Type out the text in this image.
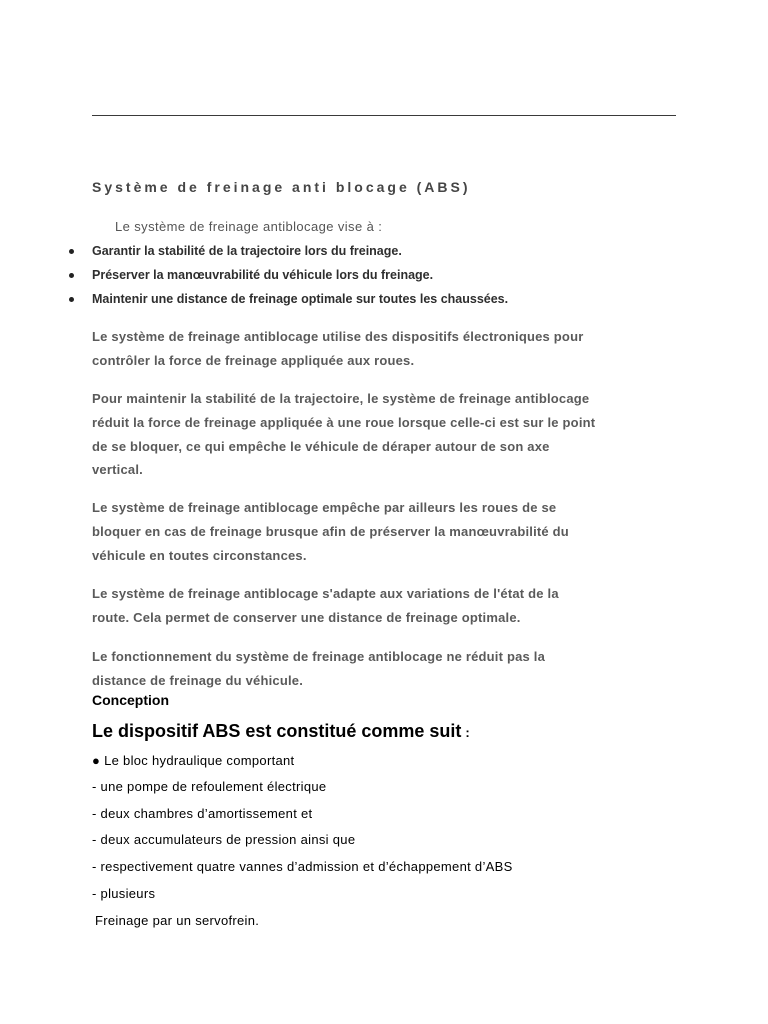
Système de freinage anti blocage (ABS)
Le système de freinage antiblocage vise à :
Garantir la stabilité de la trajectoire lors du freinage.
Préserver la manœuvrabilité du véhicule lors du freinage.
Maintenir une distance de freinage optimale sur toutes les chaussées.
Le système de freinage antiblocage utilise des dispositifs électroniques pour
contrôler la force de freinage appliquée aux roues.
Pour maintenir la stabilité de la trajectoire, le système de freinage antiblocage
réduit la force de freinage appliquée à une roue lorsque celle-ci est sur le point
de se bloquer, ce qui empêche le véhicule de déraper autour de son axe
vertical.
Le système de freinage antiblocage empêche par ailleurs les roues de se
bloquer en cas de freinage brusque afin de préserver la manœuvrabilité du
véhicule en toutes circonstances.
Le système de freinage antiblocage s'adapte aux variations de l'état de la
route. Cela permet de conserver une distance de freinage optimale.
Le fonctionnement du système de freinage antiblocage ne réduit pas la
distance de freinage du véhicule.
Conception
Le dispositif ABS est constitué comme suit :
● Le bloc hydraulique comportant
- une pompe de refoulement électrique
- deux chambres d’amortissement et
- deux accumulateurs de pression ainsi que
- respectivement quatre vannes d’admission et d’échappement d’ABS
- plusieurs
Freinage par un servofrein.
